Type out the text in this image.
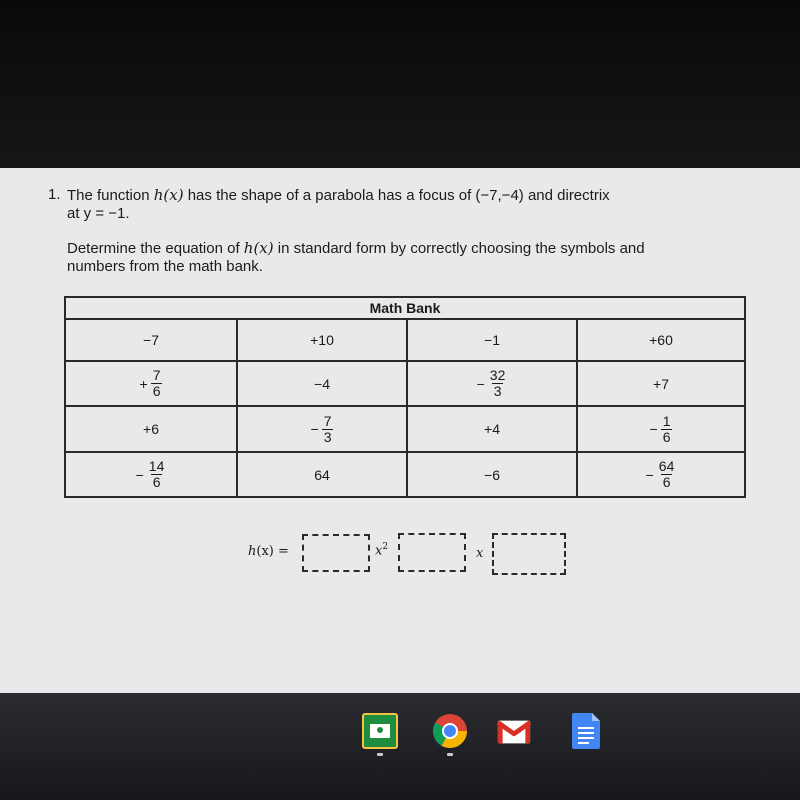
1. The function h(x) has the shape of a parabola has a focus of (−7,−4) and directrix
at y = −1.
Determine the equation of h(x) in standard form by correctly choosing the symbols and
numbers from the math bank.
Math Bank
−7	+10	−1	+60
+ $\frac{7}{6}$	−4	− $\frac{32}{3}$	+7
+6	− $\frac{7}{3}$	+4	− $\frac{1}{6}$
− $\frac{14}{6}$	64	−6	− $\frac{64}{6}$
h(x) =	$x^2$	x
